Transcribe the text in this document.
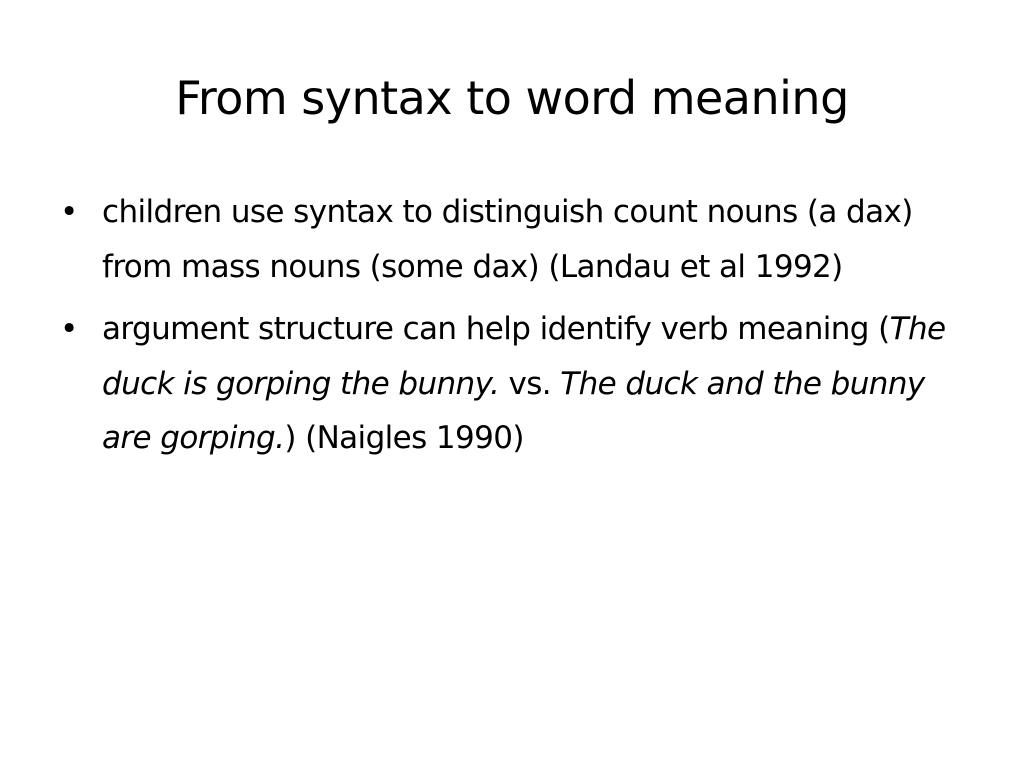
From syntax to word meaning
• children use syntax to distinguish count nouns (a dax) from mass nouns (some dax) (Landau et al 1992)
• argument structure can help identify verb meaning (The duck is gorping the bunny. vs. The duck and the bunny are gorping.) (Naigles 1990)
